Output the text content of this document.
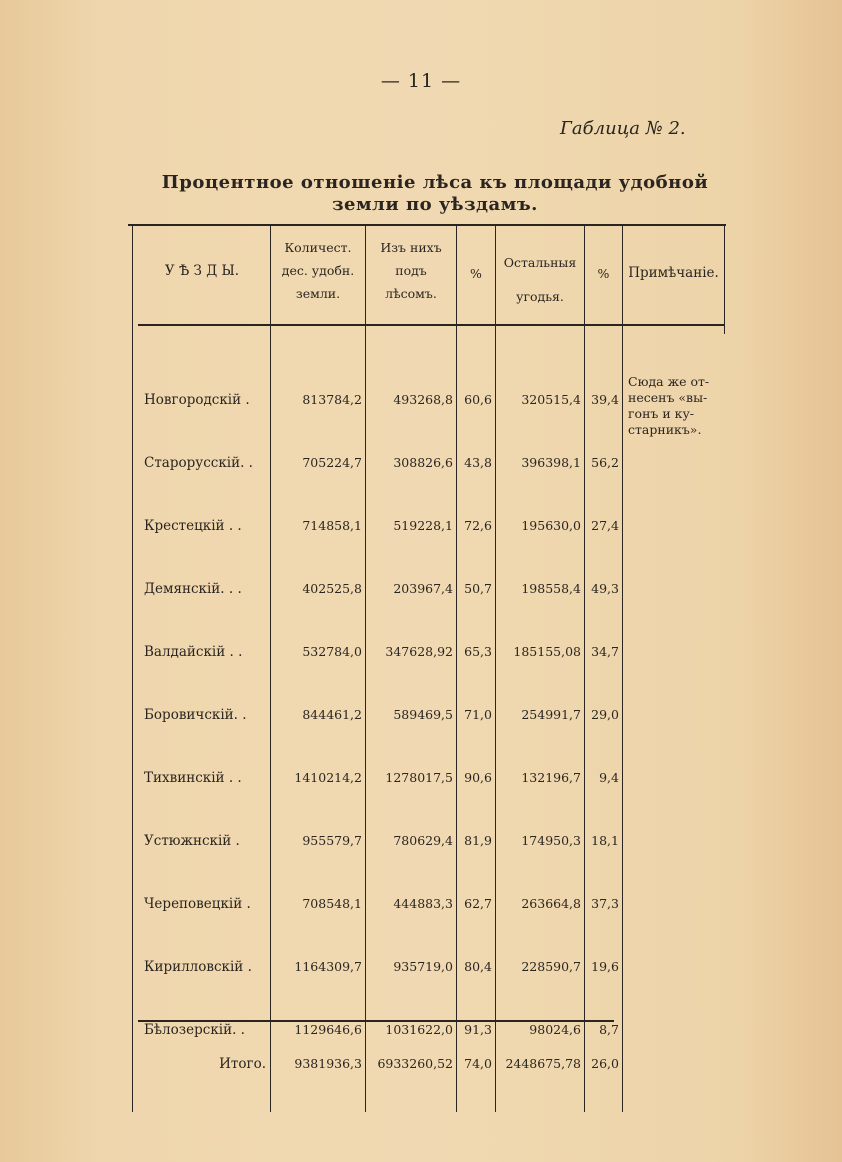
— 11 —
Габлица № 2.
Процентное отношеніе лѣса къ площади удобной
земли по уѣздамъ.
У Ѣ З Д Ы.
Количест.
дес. удобн.
земли.
Изъ нихъ
подъ
лѣсомъ.
%
Остальныя
угодья.
%	Примѣчаніе.
Новгородскій .	813784,2	493268,8 60,6	320515,4 39,4
Старорусскій. .	705224,7	308826,6 43,8	396398,1 56,2
Крестецкій . .	714858,1	519228,1 72,6	195630,0 27,4
Демянскій. . .	402525,8	203967,4 50,7	198558,4 49,3
Валдайскій . .	532784,0	347628,92 65,3	185155,08 34,7
Боровичскій. .	844461,2	589469,5 71,0	254991,7 29,0
Тихвинскій . .	1410214,2	1278017,5 90,6	132196,7	9,4
Устюжнскій .	955579,7	780629,4 81,9	174950,3 18,1
Череповецкій .	708548,1	444883,3 62,7	263664,8 37,3
Кирилловскій .	1164309,7	935719,0 80,4	228590,7 19,6
Бѣлозерскій. .	1129646,6	1031622,0 91,3	98024,6	8,7
Сюда же от-
несенъ «вы-
гонъ и ку-
старникъ».
Итого.	9381936,3	6933260,52 74,0	2448675,78 26,0
